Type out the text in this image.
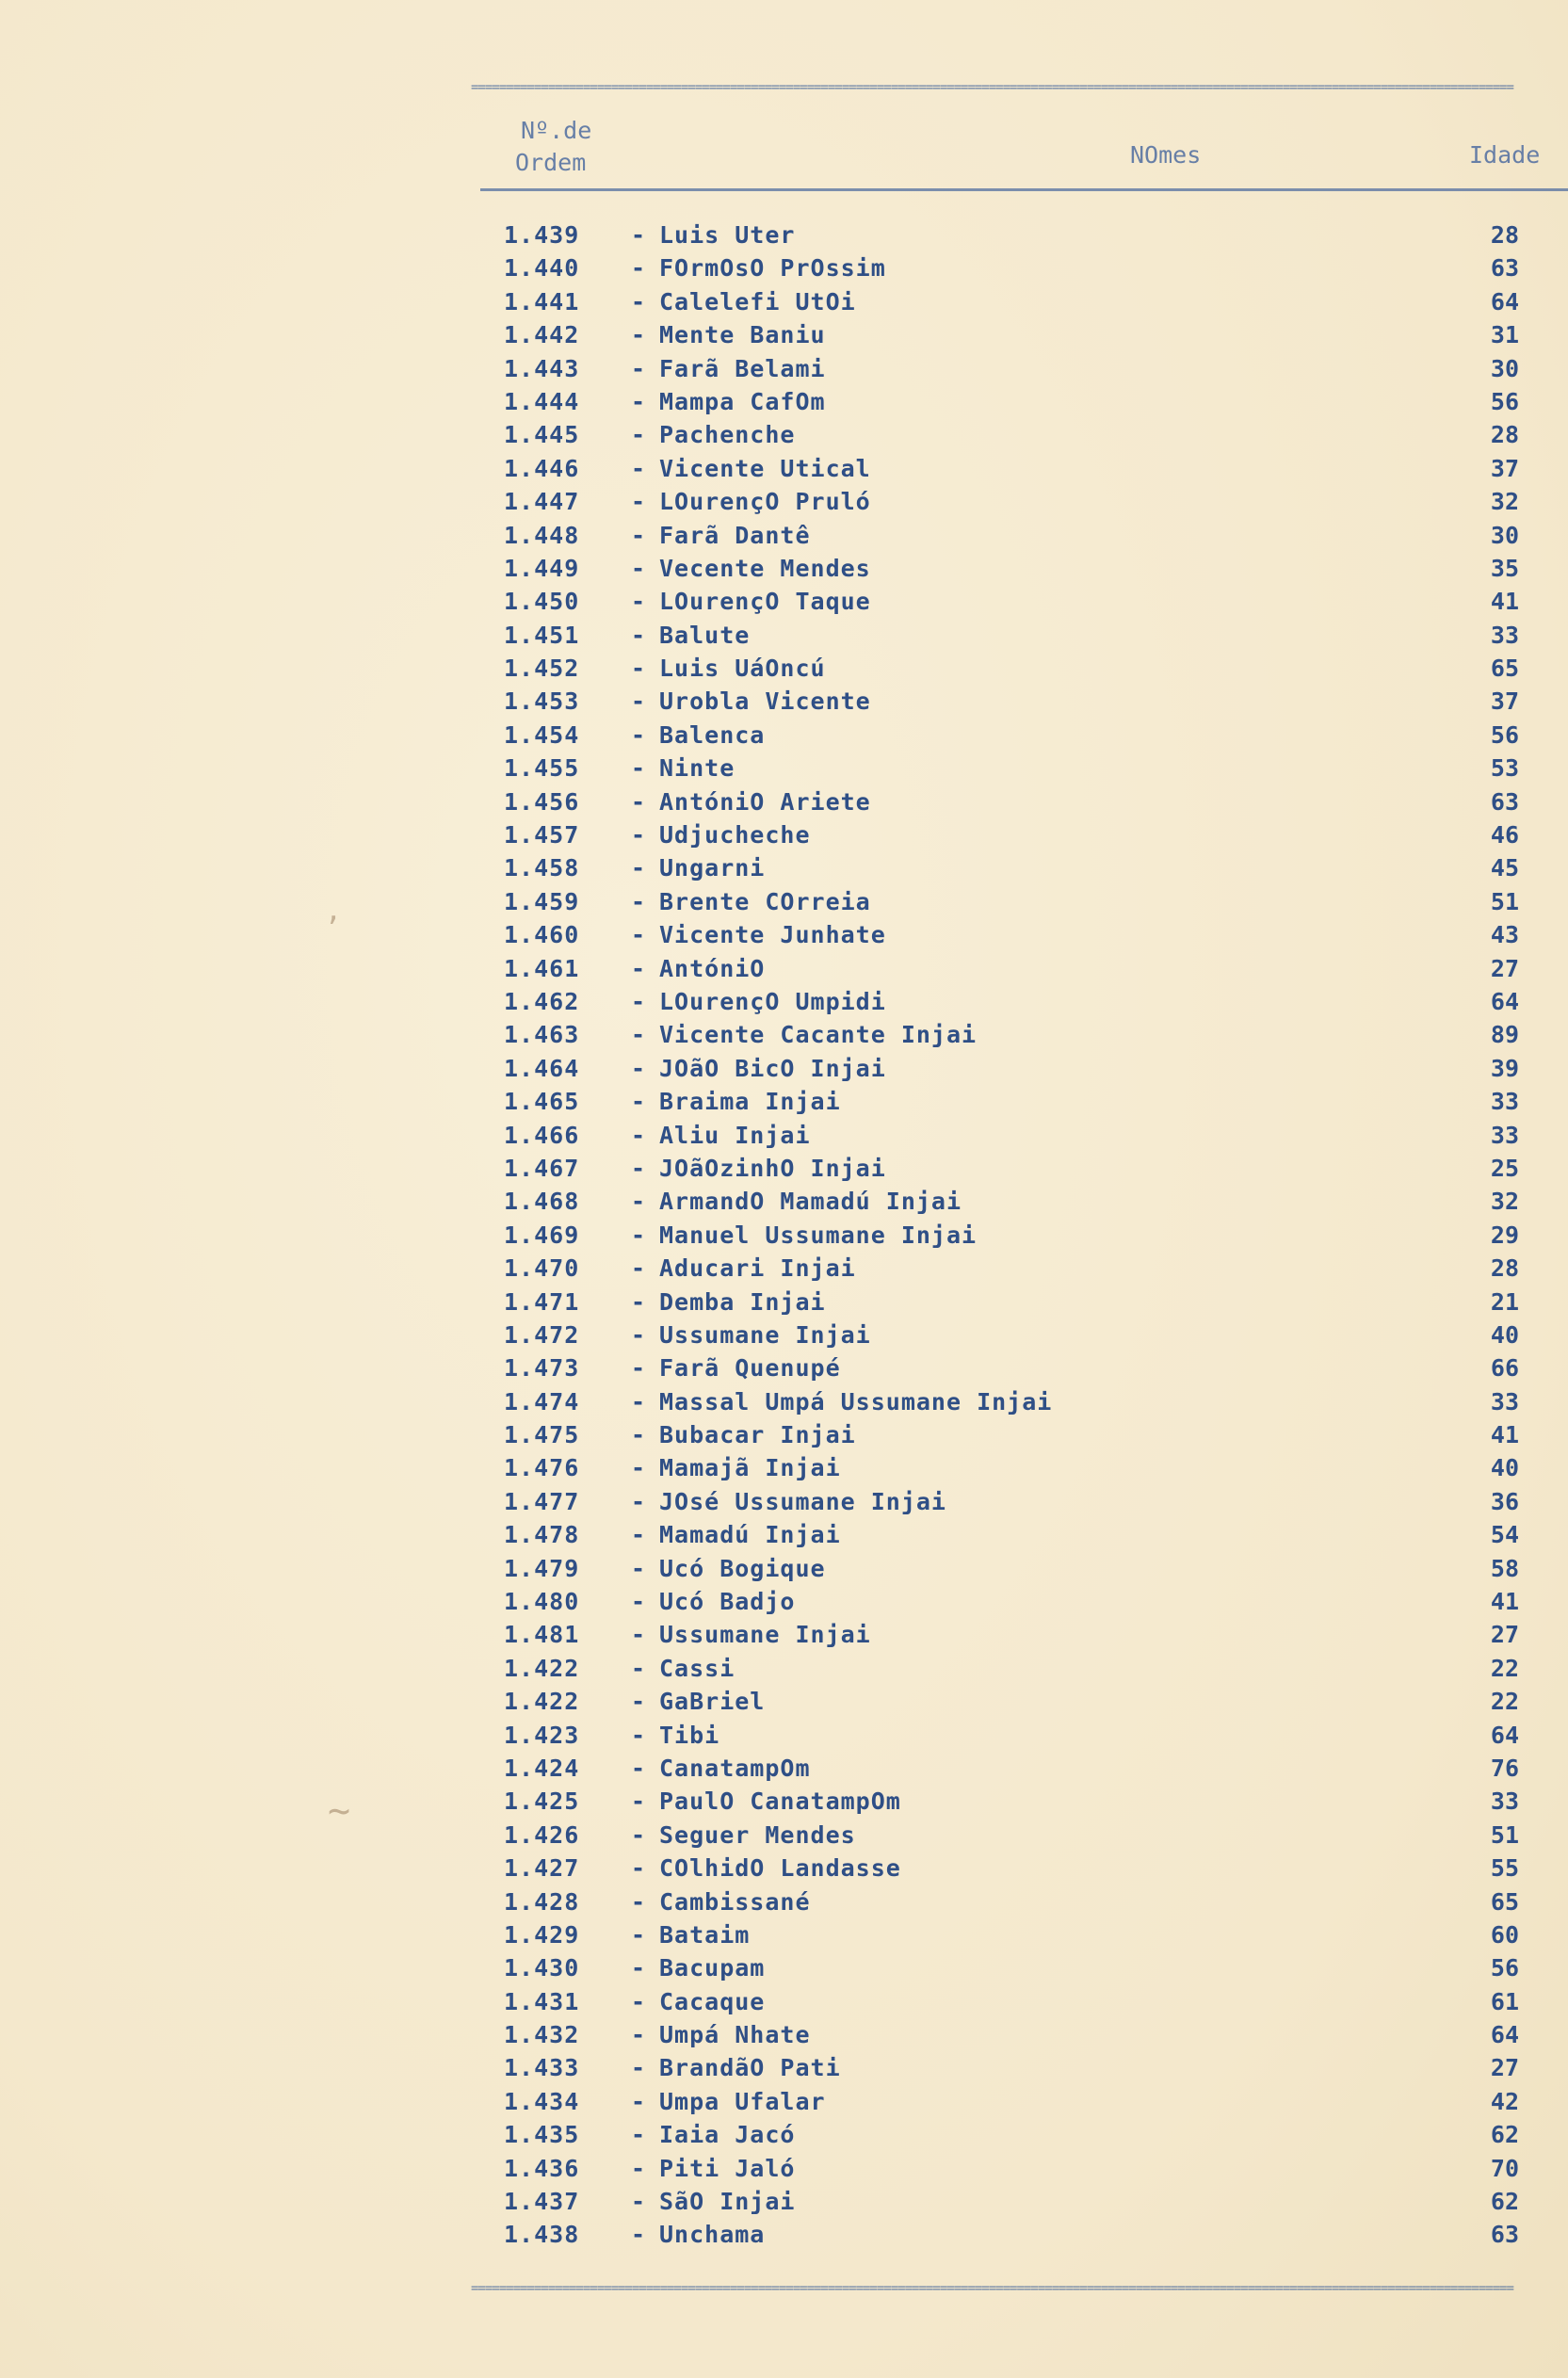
=====================================================================================================================================================
Nº.de
Ordem	NOmes	Idade
1.439 - Luis Uter	28
1.440 - FOrmOsO PrOssim	63
1.441 - Calelefi UtOi	64
1.442 - Mente Baniu	31
1.443 - Farã Belami	30
1.444 - Mampa CafOm	56
1.445 - Pachenche	28
1.446 - Vicente Utical	37
1.447 - LOurençO Pruló	32
1.448 - Farã Dantê	30
1.449 - Vecente Mendes	35
1.450 - LOurençO Taque	41
1.451 - Balute	33
1.452 - Luis UáOncú	65
1.453 - Urobla Vicente	37
1.454 - Balenca	56
1.455 - Ninte	53
1.456 - AntóniO Ariete	63
1.457 - Udjucheche	46
1.458 - Ungarni	45
1.459 - Brente COrreia	51
1.460 - Vicente Junhate	43
1.461 - AntóniO	27
1.462 - LOurençO Umpidi	64
1.463 - Vicente Cacante Injai	89
1.464 - JOãO BicO Injai	39
1.465 - Braima Injai	33
1.466 - Aliu Injai	33
1.467 - JOãOzinhO Injai	25
1.468 - ArmandO Mamadú Injai	32
1.469 - Manuel Ussumane Injai	29
1.470 - Aducari Injai	28
1.471 - Demba Injai	21
1.472 - Ussumane Injai	40
1.473 - Farã Quenupé	66
1.474 - Massal Umpá Ussumane Injai	33
1.475 - Bubacar Injai	41
1.476 - Mamajã Injai	40
1.477 - JOsé Ussumane Injai	36
1.478 - Mamadú Injai	54
1.479 - Ucó Bogique	58
1.480 - Ucó Badjo	41
1.481 - Ussumane Injai	27
1.422 - Cassi	22
1.422 - GaBriel	22
1.423 - Tibi	64
1.424 - CanatampOm	76
1.425 - PaulO CanatampOm	33
1.426 - Seguer Mendes	51
1.427 - COlhidO Landasse	55
1.428 - Cambissané	65
1.429 - Bataim	60
1.430 - Bacupam	56
1.431 - Cacaque	61
1.432 - Umpá Nhate	64
1.433 - BrandãO Pati	27
1.434 - Umpa Ufalar	42
1.435 - Iaia Jacó	62
1.436 - Piti Jaló	70
1.437 - SãO Injai	62
1.438 - Unchama	63
=====================================================================================================================================================
‚
~
